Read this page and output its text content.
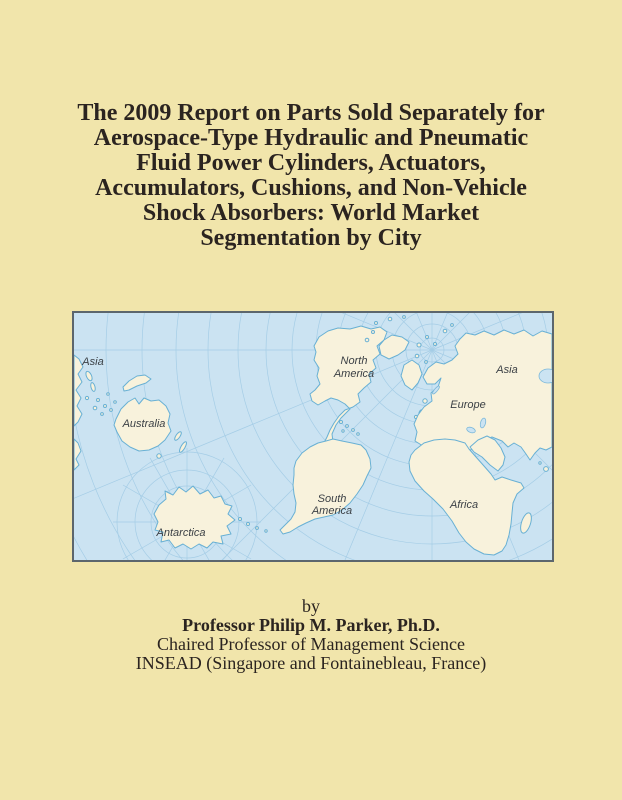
The 2009 Report on Parts Sold Separately for
Aerospace-Type Hydraulic and Pneumatic
Fluid Power Cylinders, Actuators,
Accumulators, Cushions, and Non-Vehicle
Shock Absorbers: World Market
Segmentation by City
Asia
Australia
Antarctica
North
America
Europe
Asia
South
America	Africa
by
Professor Philip M. Parker, Ph.D.
Chaired Professor of Management Science
INSEAD (Singapore and Fontainebleau, France)
